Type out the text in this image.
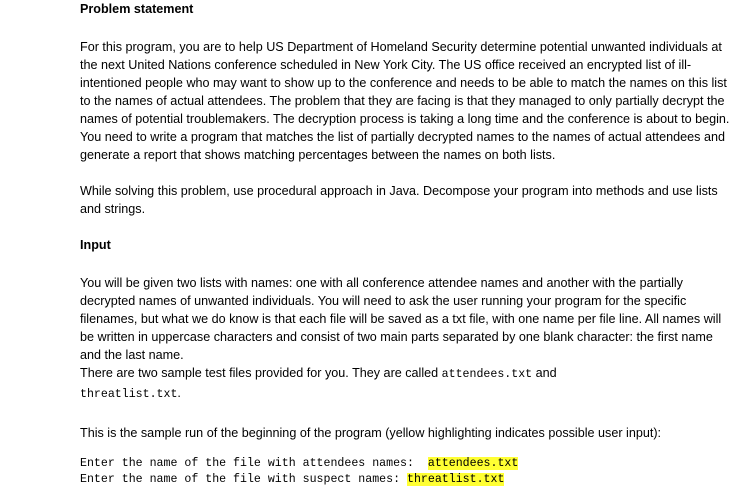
Problem statement

For this program, you are to help US Department of Homeland Security determine potential unwanted individuals at the next United Nations conference scheduled in New York City. The US office received an encrypted list of ill-intentioned people who may want to show up to the conference and needs to be able to match the names on this list to the names of actual attendees. The problem that they are facing is that they managed to only partially decrypt the names of potential troublemakers. The decryption process is taking a long time and the conference is about to begin. You need to write a program that matches the list of partially decrypted names to the names of actual attendees and generate a report that shows matching percentages between the names on both lists.

While solving this problem, use procedural approach in Java. Decompose your program into methods and use lists and strings.

Input

You will be given two lists with names: one with all conference attendee names and another with the partially decrypted names of unwanted individuals. You will need to ask the user running your program for the specific filenames, but what we do know is that each file will be saved as a txt file, with one name per file line. All names will be written in uppercase characters and consist of two main parts separated by one blank character: the first name and the last name.

There are two sample test files provided for you. They are called attendees.txt and
threatlist.txt.

This is the sample run of the beginning of the program (yellow highlighting indicates possible user input):

Enter the name of the file with attendees names:  attendees.txt

Enter the name of the file with suspect names: threatlist.txt
